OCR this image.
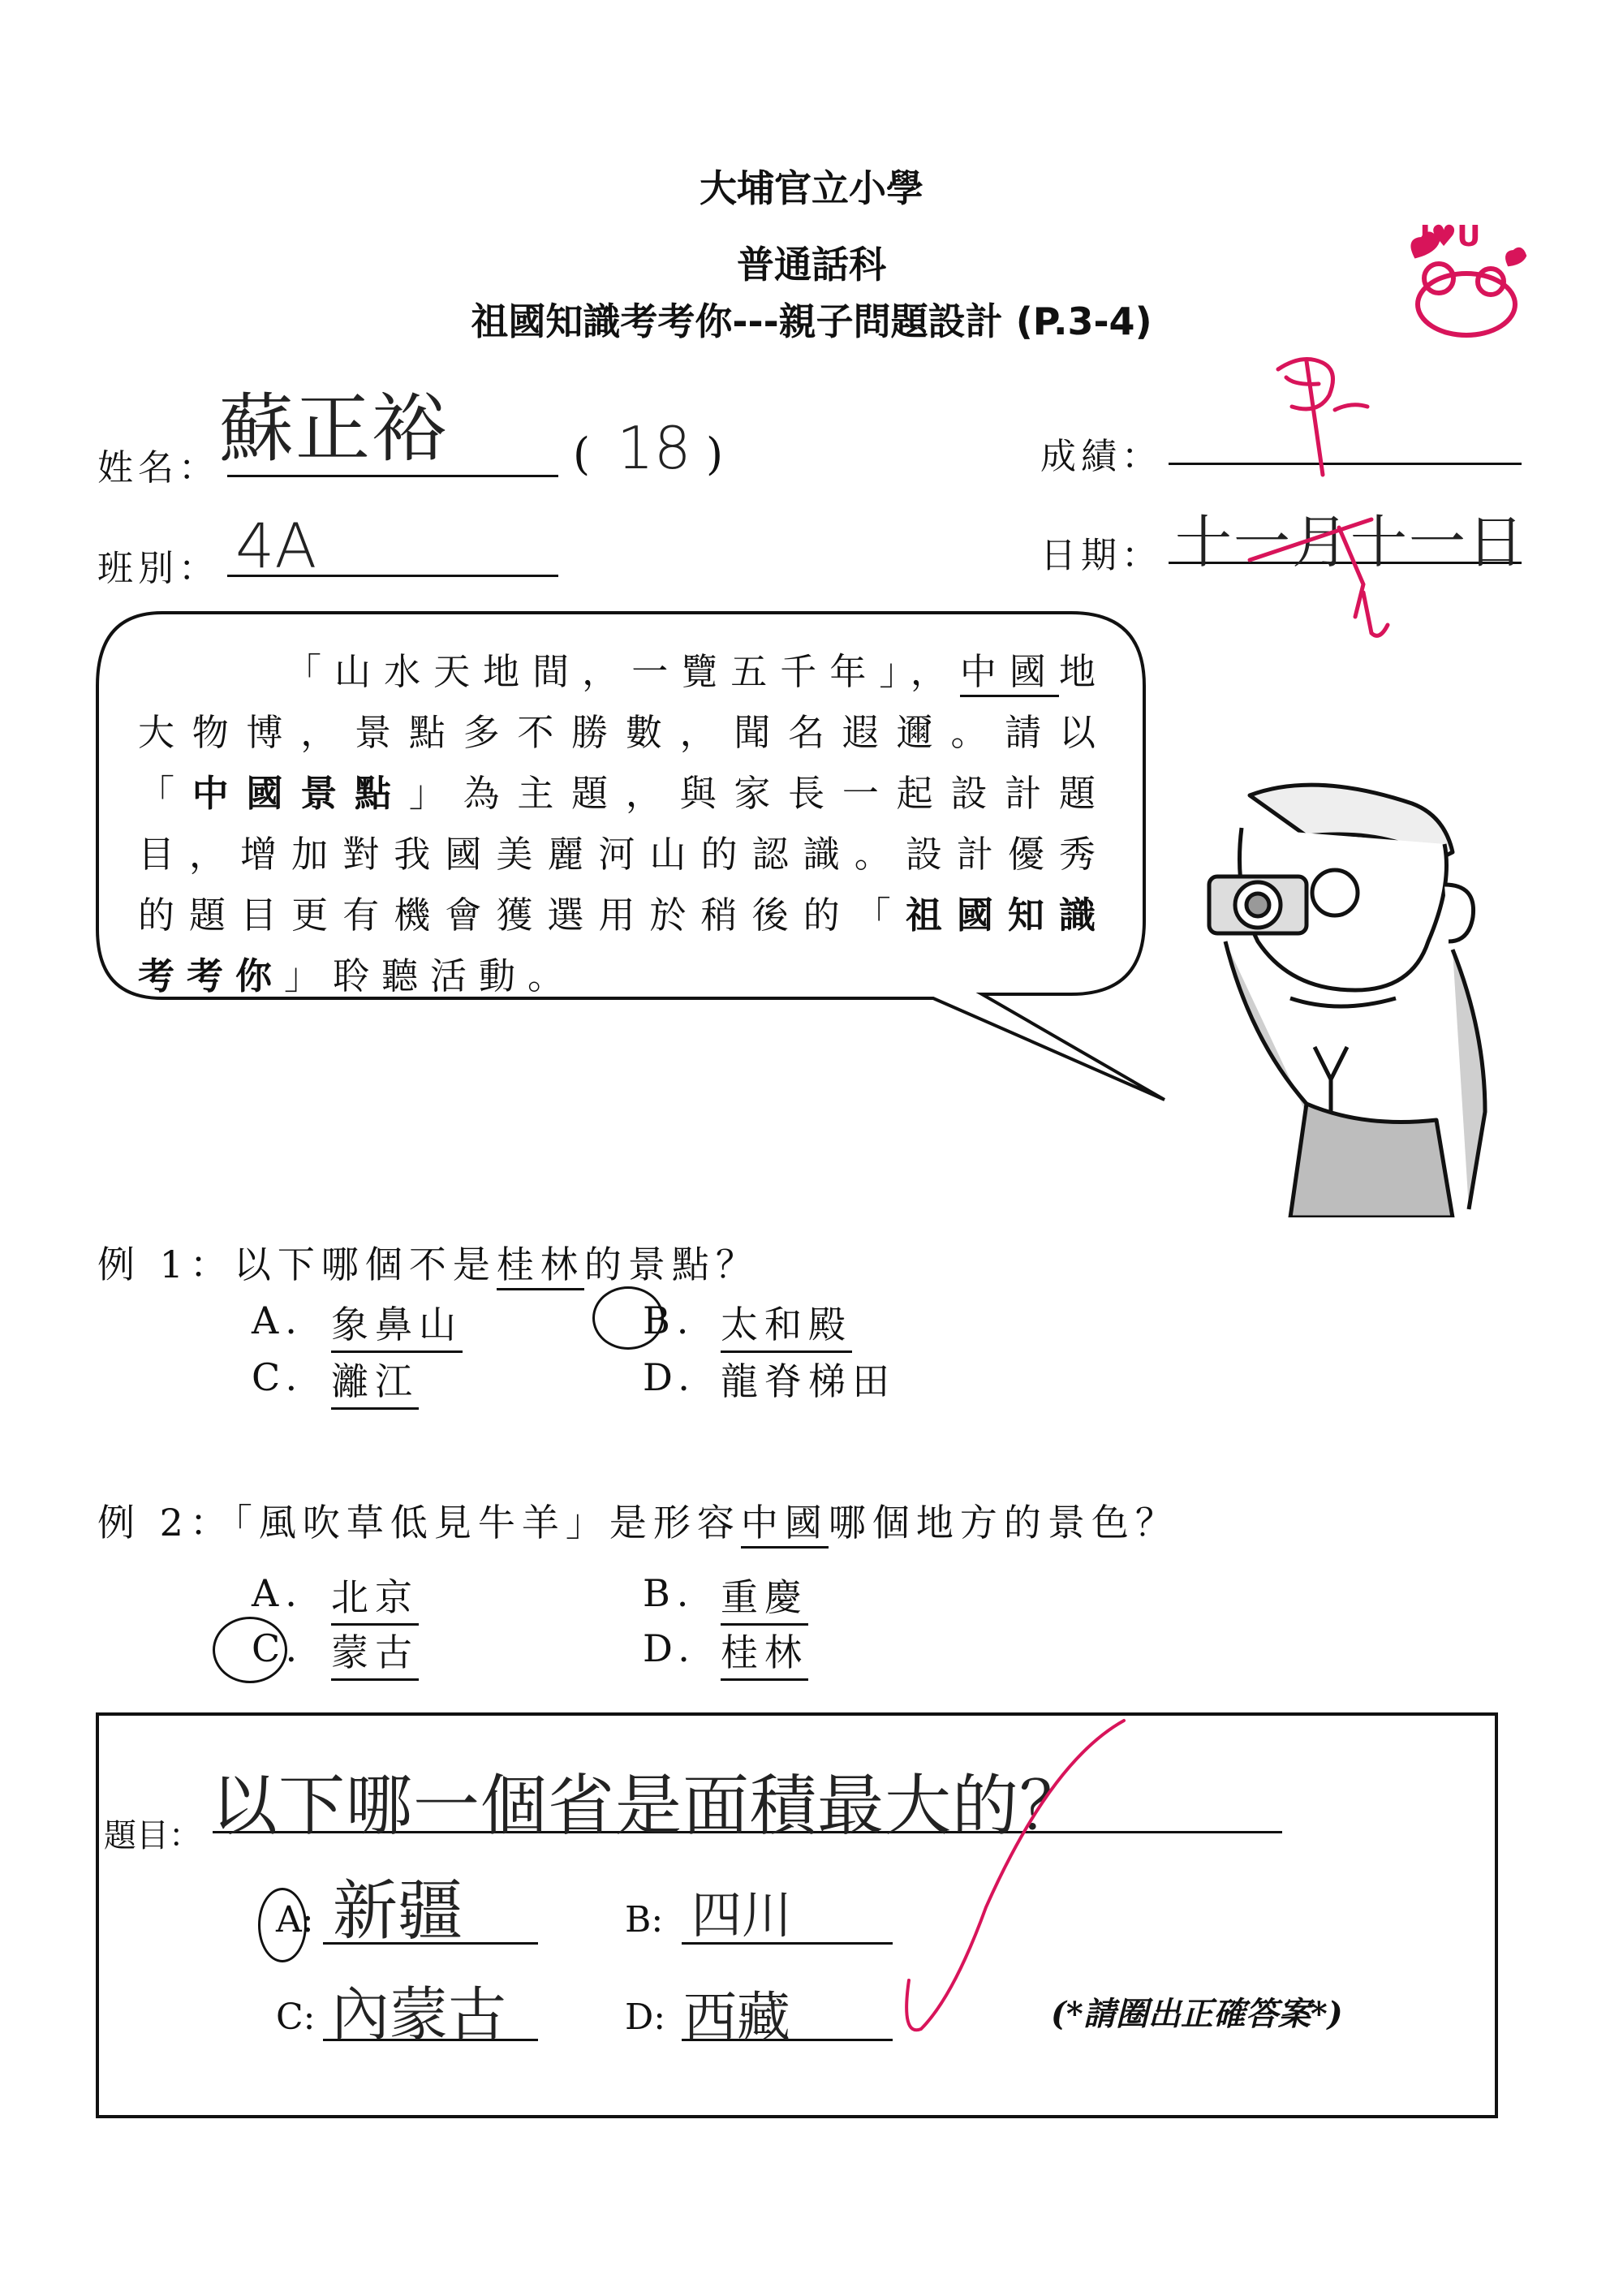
大埔官立小學
普通話科
祖國知識考考你---親子問題設計 (P.3-4)
I♥U
姓名： 蘇正裕	( 18 )	成績：
班別： 4A	日期： 十一月十一日
「山水天地間，一覽五千年」，中國地大物博，景點多不勝數，聞名遐邇。請以「中國景點」為主題，與家長一起設計題目，增加對我國美麗河山的認識。設計優秀的題目更有機會獲選用於稍後的「祖國知識考考你」聆聽活動。
例 1：以下哪個不是桂林的景點？
A. 象鼻山	B. 太和殿
C. 灕江	D. 龍脊梯田
例 2：「風吹草低見牛羊」是形容中國哪個地方的景色？
A. 北京	B. 重慶
C. 蒙古	D. 桂林
題目： 以下哪一個省是面積最大的？
A: 新疆	B: 四川
C: 內蒙古	D: 西藏	(*請圈出正確答案*)
